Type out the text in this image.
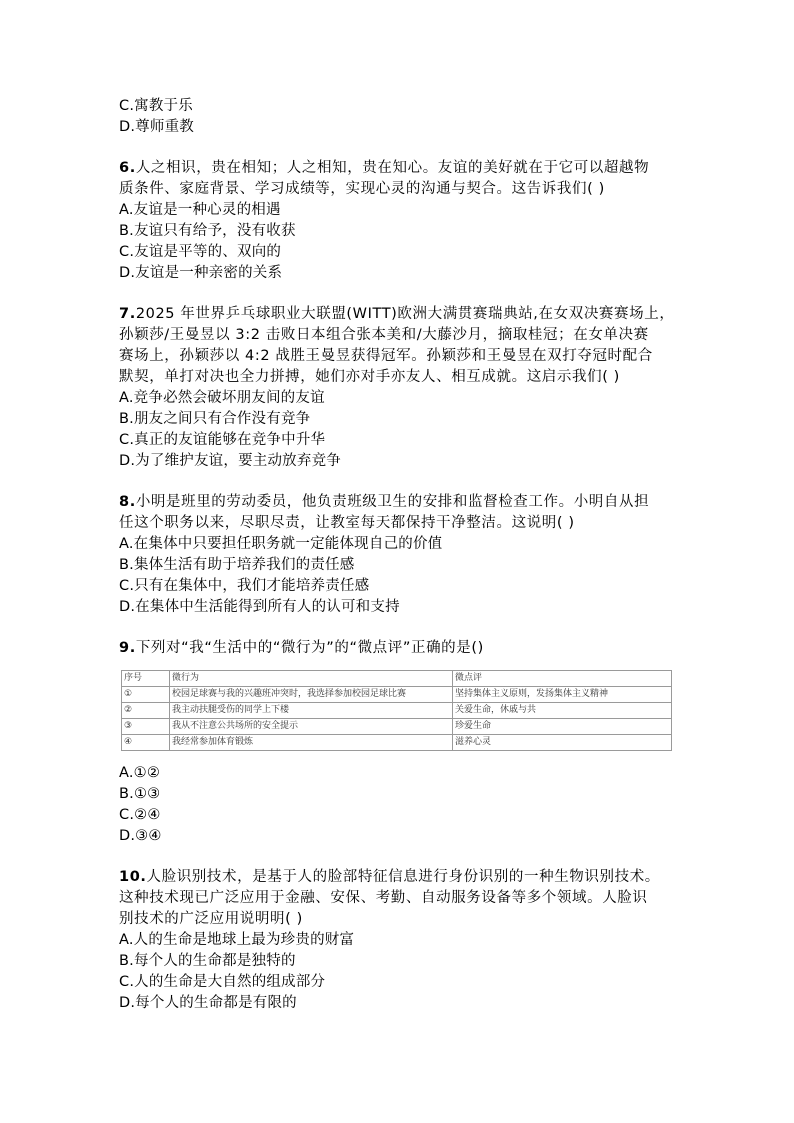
C.寓教于乐
D.尊师重教
6.人之相识，贵在相知；人之相知，贵在知心。友谊的美好就在于它可以超越物
质条件、家庭背景、学习成绩等，实现心灵的沟通与契合。这告诉我们( )
A.友谊是一种心灵的相遇
B.友谊只有给予，没有收获
C.友谊是平等的、双向的
D.友谊是一种亲密的关系
7.2025 年世界乒乓球职业大联盟(WITT)欧洲大满贯赛瑞典站,在女双决赛赛场上，
孙颖莎/王曼昱以 3:2 击败日本组合张本美和/大藤沙月，摘取桂冠；在女单决赛
赛场上，孙颖莎以 4:2 战胜王曼昱获得冠军。孙颖莎和王曼昱在双打夺冠时配合
默契，单打对决也全力拼搏，她们亦对手亦友人、相互成就。这启示我们( )
A.竞争必然会破坏朋友间的友谊
B.朋友之间只有合作没有竞争
C.真正的友谊能够在竞争中升华
D.为了维护友谊，要主动放弃竞争
8.小明是班里的劳动委员，他负责班级卫生的安排和监督检查工作。小明自从担
任这个职务以来，尽职尽责，让教室每天都保持干净整洁。这说明( )
A.在集体中只要担任职务就一定能体现自己的价值
B.集体生活有助于培养我们的责任感
C.只有在集体中，我们才能培养责任感
D.在集体中生活能得到所有人的认可和支持
9.下列对“我“生活中的“微行为”的“微点评”正确的是()
序号	微行为	微点评
①	校园足球赛与我的兴趣班冲突时，我选择参加校园足球比赛	坚持集体主义原则，发扬集体主义精神
②	我主动扶腿受伤的同学上下楼	关爱生命，休戚与共
③	我从不注意公共场所的安全提示	珍爱生命
④	我经常参加体育锻炼	滋养心灵
A.①②
B.①③
C.②④
D.③④
10.人脸识别技术，是基于人的脸部特征信息进行身份识别的一种生物识别技术。
这种技术现已广泛应用于金融、安保、考勤、自动服务设备等多个领域。人脸识
别技术的广泛应用说明明( )
A.人的生命是地球上最为珍贵的财富
B.每个人的生命都是独特的
C.人的生命是大自然的组成部分
D.每个人的生命都是有限的
